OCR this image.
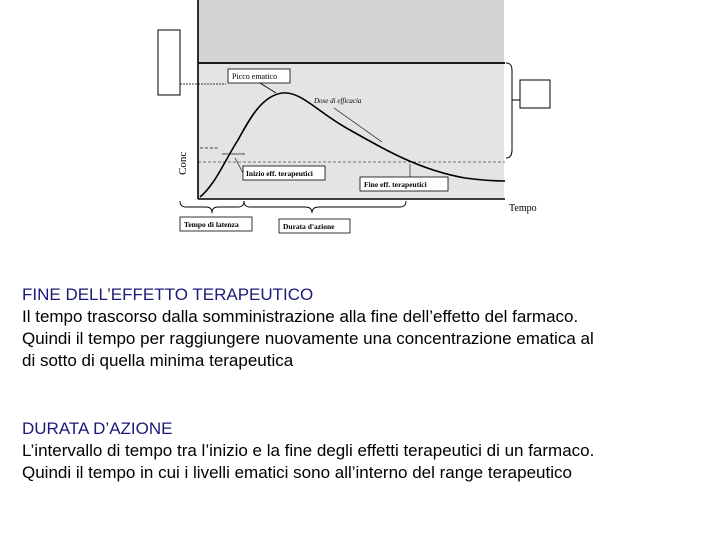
Conc
Picco ematico
Dose di efficacia
≈ ≈ ≈ ≈
≈≈≈≈≈≈≈
Inizio eff. terapeutici
Fine eff. terapeutici
Tempo
Tempo di latenza	Durata d'azione

FINE DELL’EFFETTO TERAPEUTICO

Il tempo trascorso dalla somministrazione alla fine dell’effetto del farmaco.

Quindi il tempo per raggiungere nuovamente una concentrazione ematica al

di sotto di quella minima terapeutica

DURATA D’AZIONE

L’intervallo di tempo tra l’inizio e la fine degli effetti terapeutici di un farmaco.

Quindi il tempo in cui i livelli ematici sono all’interno del range terapeutico
